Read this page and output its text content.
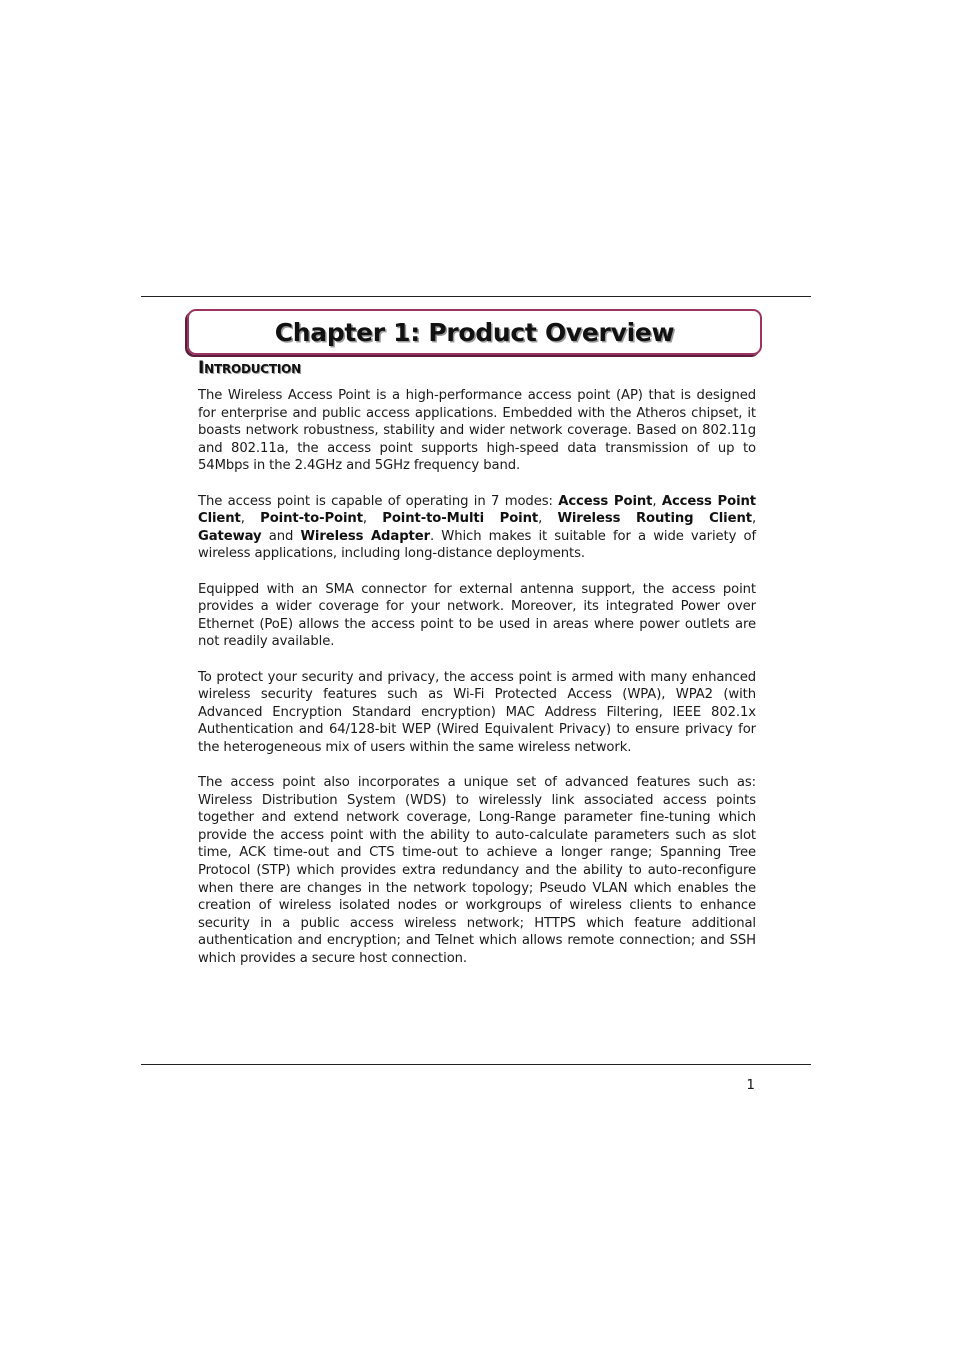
Chapter 1: Product Overview
Introduction

The Wireless Access Point is a high-performance access point (AP) that is designed for enterprise and public access applications. Embedded with the Atheros chipset, it boasts network robustness, stability and wider network coverage. Based on 802.11g and 802.11a, the access point supports high-speed data transmission of up to 54Mbps in the 2.4GHz and 5GHz frequency band.

The access point is capable of operating in 7 modes: Access Point, Access Point Client, Point-to-Point, Point-to-Multi Point, Wireless Routing Client, Gateway and Wireless Adapter. Which makes it suitable for a wide variety of wireless applications, including long-distance deployments.

Equipped with an SMA connector for external antenna support, the access point provides a wider coverage for your network. Moreover, its integrated Power over Ethernet (PoE) allows the access point to be used in areas where power outlets are not readily available.

To protect your security and privacy, the access point is armed with many enhanced wireless security features such as Wi-Fi Protected Access (WPA), WPA2 (with Advanced Encryption Standard encryption) MAC Address Filtering, IEEE 802.1x Authentication and 64/128-bit WEP (Wired Equivalent Privacy) to ensure privacy for the heterogeneous mix of users within the same wireless network.

The access point also incorporates a unique set of advanced features such as: Wireless Distribution System (WDS) to wirelessly link associated access points together and extend network coverage, Long-Range parameter fine-tuning which provide the access point with the ability to auto-calculate parameters such as slot time, ACK time-out and CTS time-out to achieve a longer range; Spanning Tree Protocol (STP) which provides extra redundancy and the ability to auto-reconfigure when there are changes in the network topology; Pseudo VLAN which enables the creation of wireless isolated nodes or workgroups of wireless clients to enhance security in a public access wireless network; HTTPS which feature additional authentication and encryption; and Telnet which allows remote connection; and SSH which provides a secure host connection.

1
